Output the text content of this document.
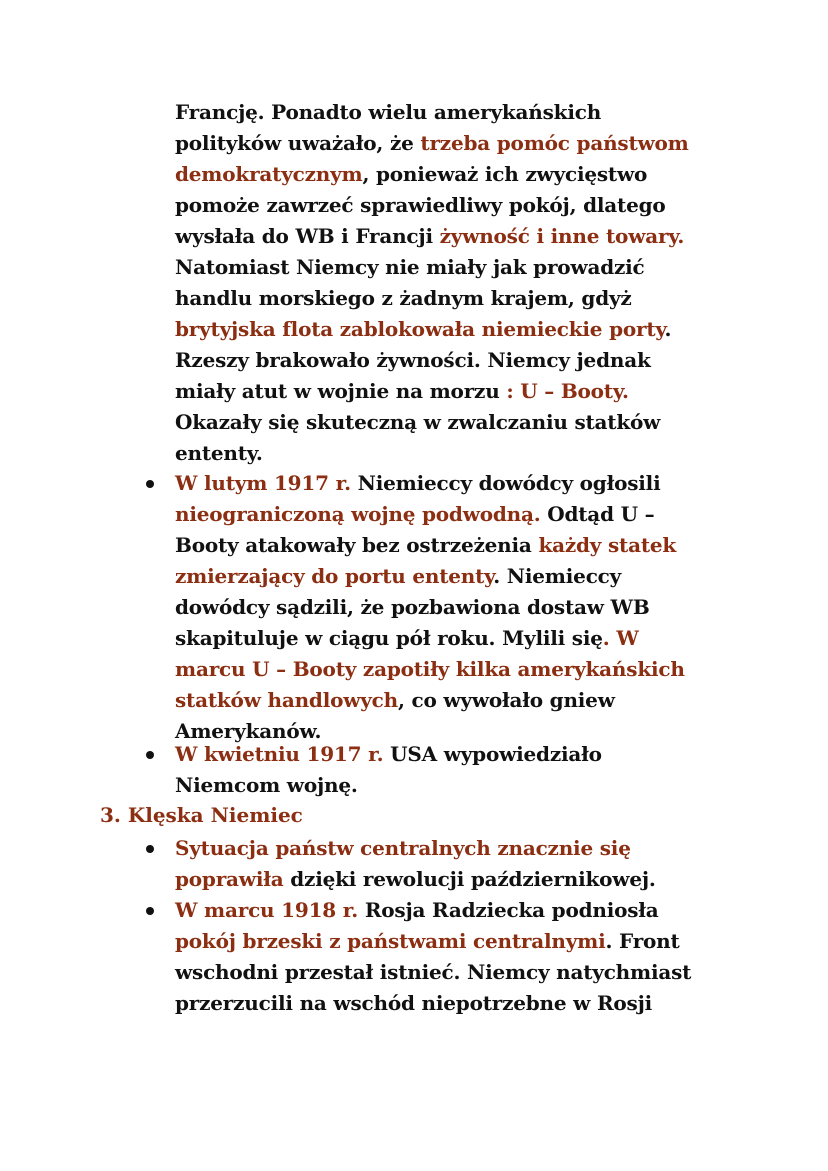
Francję. Ponadto wielu amerykańskich
polityków uważało, że trzeba pomóc państwom
demokratycznym, ponieważ ich zwycięstwo
pomoże zawrzeć sprawiedliwy pokój, dlatego
wysłała do WB i Francji żywność i inne towary.
Natomiast Niemcy nie miały jak prowadzić
handlu morskiego z żadnym krajem, gdyż
brytyjska flota zablokowała niemieckie porty.
Rzeszy brakowało żywności. Niemcy jednak
miały atut w wojnie na morzu : U – Booty.
Okazały się skuteczną w zwalczaniu statków
ententy.
W lutym 1917 r. Niemieccy dowódcy ogłosili
nieograniczoną wojnę podwodną. Odtąd U –
Booty atakowały bez ostrzeżenia każdy statek
zmierzający do portu ententy. Niemieccy
dowódcy sądzili, że pozbawiona dostaw WB
skapituluje w ciągu pół roku. Mylili się. W
marcu U – Booty zapotiły kilka amerykańskich
statków handlowych, co wywołało gniew
Amerykanów.
W kwietniu 1917 r. USA wypowiedziało
Niemcom wojnę.
3. Klęska Niemiec
Sytuacja państw centralnych znacznie się
poprawiła dzięki rewolucji październikowej.
W marcu 1918 r. Rosja Radziecka podniosła
pokój brzeski z państwami centralnymi. Front
wschodni przestał istnieć. Niemcy natychmiast
przerzucili na wschód niepotrzebne w Rosji
